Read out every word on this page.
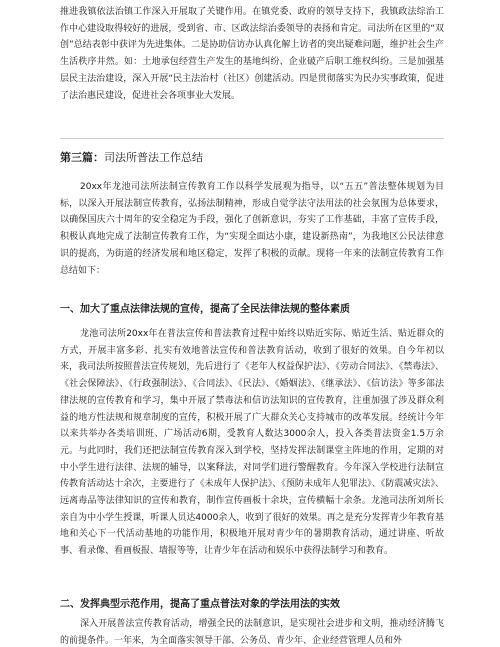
推进我镇依法治镇工作深入开展取了关键作用。在镇党委、政府的领导支持下，我镇政法综治工作中心建设取得较好的进展，受到省、市、区政法综治委领导的表扬和肯定。司法所在区里的“双创”总结表彰中获评为先进集体。二是协助信访办认真化解上访者的突出疑难问题，维护社会生产生活秩序井然。如：土地承包经营生产发生的基地纠纷、企业破产后职工维权纠纷。三是加强基层民主法治建设，深入开展“民主法治村（社区）创建活动。四是贯彻落实为民办实事政策，促进了法治惠民建设，促进社会各项事业大发展。

第三篇：司法所普法工作总结

20xx年龙池司法所法制宣传教育工作以科学发展观为指导，以“五五”普法整体规划为目标，以深入开展法制宣传教育，弘扬法制精神，形成自觉学法守法用法的社会氛围为总体要求，以确保国庆六十周年的安全稳定为手段，强化了创新意识，夯实了工作基础，丰富了宣传手段，积极认真地完成了法制宣传教育工作，为“实现全面达小康，建设新热南”，为我地区公民法律意识的提高，为街道的经济发展和地区稳定，发挥了积极的贡献。现将一年来的法制宣传教育工作总结如下：

一、加大了重点法律法规的宣传，提高了全民法律法规的整体素质

龙池司法所20xx年在普法宣传和普法教育过程中始终以贴近实际、贴近生活、贴近群众的方式，开展丰富多彩、扎实有效地普法宣传和普法教育活动，收到了很好的效果。自今年初以来，我司法所按照普法宣传规划，先后进行了《老年人权益保护法》、《劳动合同法》、《禁毒法》、《社会保障法》、《行政强制法》、《合同法》、《民法》、《婚姻法》、《继承法》、《信访法》等多部法律法规的宣传教育和学习，集中开展了禁毒法和信访法知识的宣传教育，注重加强了涉及群众利益的地方性法规和规章制度的宣传，积极开展了广大群众关心支持城市的改革发展。经统计今年以来共举办各类培训班、广场活动6期，受教育人数达3000余人，投入各类普法资金1.5万余元。与此同时，我们还把法制宣传教育深入到学校，坚持发挥法制课堂主阵地的作用，定期的对中小学生进行法律、法规的辅导，以案释法，对同学们进行警醒教育。今年深入学校进行法制宣传教育活动达十余次，主要进行了《未成年人保护法》、《预防未成年人犯罪法》、《防震减灾法》、远离毒品等法律知识的宣传和教育，制作宣传画板十余块，宣传横幅十余条。龙池司法所刘所长亲自为中小学生授课，听课人员达4000余人，收到了很好的效果。再之是充分发挥青少年教育基地和关心下一代活动基地的功能作用，积极地开展对青少年的暑期教育活动，通过讲座、听故事、看录像、看画板报、墙报等等，让青少年在活动和娱乐中获得法制学习和教育。

二、发挥典型示范作用，提高了重点普法对象的学法用法的实效

深入开展普法宣传教育活动，增强全民的法制意识，是实现社会进步和文明，推动经济腾飞的前提条件。一年来，为全面落实领导干部、公务员、青少年、企业经营管理人员和外
